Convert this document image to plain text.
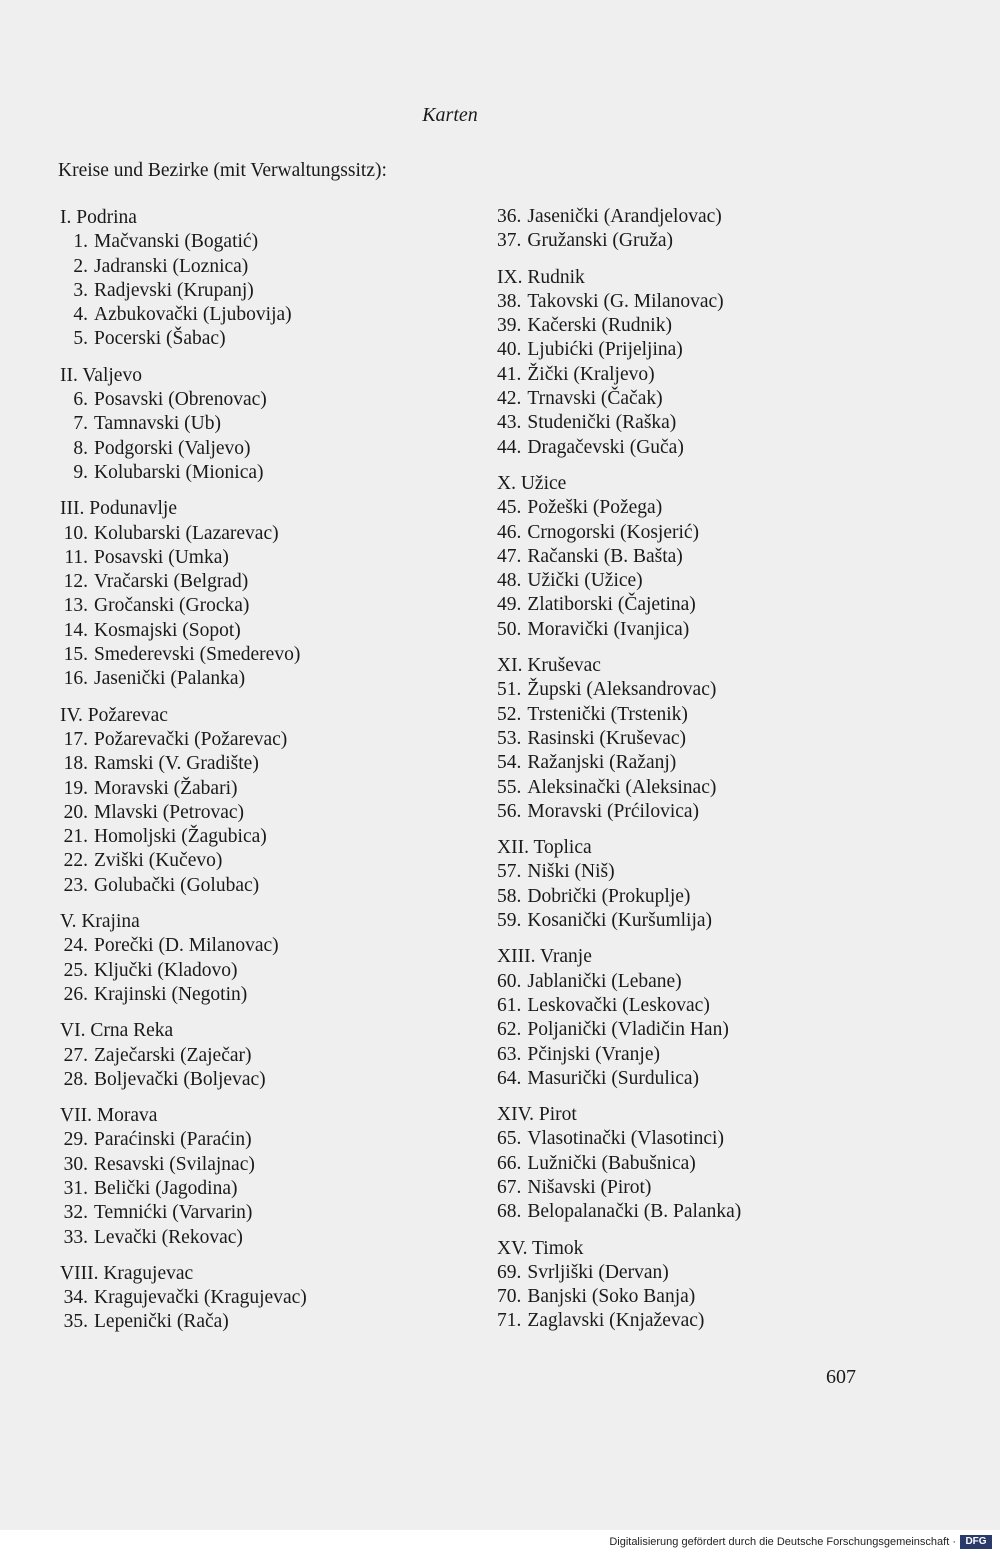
Karten
Kreise und Bezirke (mit Verwaltungssitz):
I. Podrina
1. Mačvanski (Bogatić)
2. Jadranski (Loznica)
3. Radjevski (Krupanj)
4. Azbukovački (Ljubovija)
5. Pocerski (Šabac)
II. Valjevo
6. Posavski (Obrenovac)
7. Tamnavski (Ub)
8. Podgorski (Valjevo)
9. Kolubarski (Mionica)
III. Podunavlje
10. Kolubarski (Lazarevac)
11. Posavski (Umka)
12. Vračarski (Belgrad)
13. Gročanski (Grocka)
14. Kosmajski (Sopot)
15. Smederevski (Smederevo)
16. Jasenički (Palanka)
IV. Požarevac
17. Požarevački (Požarevac)
18. Ramski (V. Gradište)
19. Moravski (Žabari)
20. Mlavski (Petrovac)
21. Homoljski (Žagubica)
22. Zviški (Kučevo)
23. Golubački (Golubac)
V. Krajina
24. Porečki (D. Milanovac)
25. Ključki (Kladovo)
26. Krajinski (Negotin)
VI. Crna Reka
27. Zaječarski (Zaječar)
28. Boljevački (Boljevac)
VII. Morava
29. Paraćinski (Paraćin)
30. Resavski (Svilajnac)
31. Belički (Jagodina)
32. Temnićki (Varvarin)
33. Levački (Rekovac)
VIII. Kragujevac
34. Kragujevački (Kragujevac)
35. Lepenički (Rača)
36. Jasenički (Arandjelovac)
37. Gružanski (Gruža)
IX. Rudnik
38. Takovski (G. Milanovac)
39. Kačerski (Rudnik)
40. Ljubićki (Prijeljina)
41. Žički (Kraljevo)
42. Trnavski (Čačak)
43. Studenički (Raška)
44. Dragačevski (Guča)
X. Užice
45. Požeški (Požega)
46. Crnogorski (Kosjerić)
47. Račanski (B. Bašta)
48. Užički (Užice)
49. Zlatiborski (Čajetina)
50. Moravički (Ivanjica)
XI. Kruševac
51. Župski (Aleksandrovac)
52. Trstenički (Trstenik)
53. Rasinski (Kruševac)
54. Ražanjski (Ražanj)
55. Aleksinački (Aleksinac)
56. Moravski (Prćilovica)
XII. Toplica
57. Niški (Niš)
58. Dobrički (Prokuplje)
59. Kosanički (Kuršumlija)
XIII. Vranje
60. Jablanički (Lebane)
61. Leskovački (Leskovac)
62. Poljanički (Vladičin Han)
63. Pčinjski (Vranje)
64. Masurički (Surdulica)
XIV. Pirot
65. Vlasotinački (Vlasotinci)
66. Lužnički (Babušnica)
67. Nišavski (Pirot)
68. Belopalanački (B. Palanka)
XV. Timok
69. Svrljiški (Dervan)
70. Banjski (Soko Banja)
71. Zaglavski (Knjaževac)
607
Digitalisierung gefördert durch die Deutsche Forschungsgemeinschaft · DFG
